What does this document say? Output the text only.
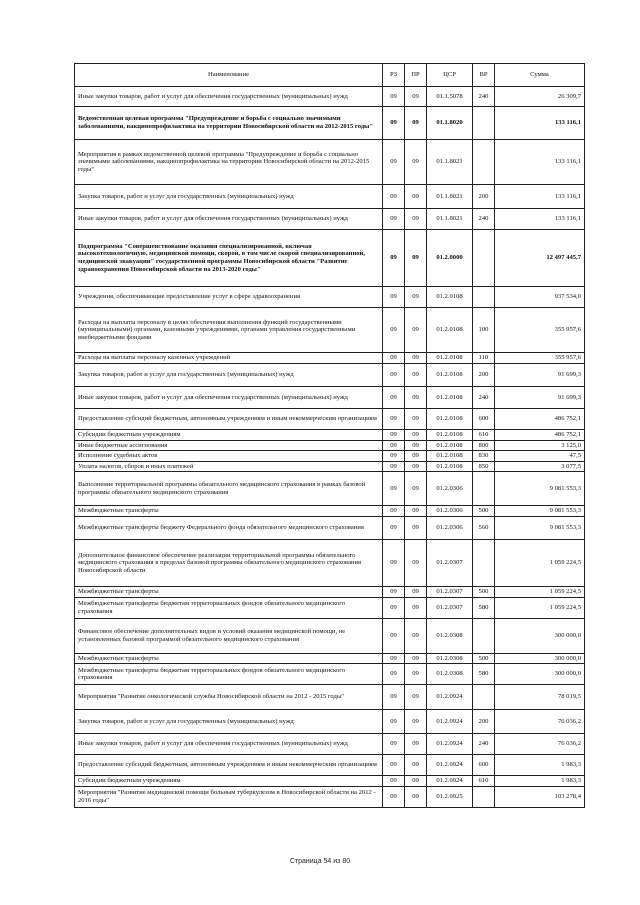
Наименование	РЗ	ПР	ЦСР	ВР	Сумма
Иные закупки товаров, работ и услуг для обеспечения государственных (муниципальных) нужд	09	09	01.1.5078	240	26 309,7
Ведомственная целевая программа "Предупреждение и борьба с социально значимыми заболеваниями, вакцинопрофилактика на территории Новосибирской области на 2012-2015 годы"	09	09	01.1.8020		133 116,1
Мероприятия в рамках ведомственной целевой программы "Предупреждение и борьба с социально значимыми заболеваниями, вакцинопрофилактика на территории Новосибирской области на 2012-2015 годы"	09	09	01.1.8021		133 116,1
Закупка товаров, работ и услуг для государственных (муниципальных) нужд	09	09	01.1.8021	200	133 116,1
Иные закупки товаров, работ и услуг для обеспечения государственных (муниципальных) нужд	09	09	01.1.8021	240	133 116,1
Подпрограмма "Совершенствование оказания специализированной, включая высокотехнологичную, медицинской помощи, скорой, в том числе скорой специализированной, медицинской эвакуации" государственной программы Новосибирской области "Развитие здравоохранения Новосибирской области на 2013-2020 годы"	09	09	01.2.0000		12 497 445,7
Учреждения, обеспечивающие предоставление услуг в сфере здравоохранения	09	09	01.2.0108		937 534,0
Расходы на выплаты персоналу в целях обеспечения выполнения функций государственными (муниципальными) органами, казенными учреждениями, органами управления государственными внебюджетными фондами	09	09	01.2.0108	100	355 957,6
Расходы на выплаты персоналу казенных учреждений	09	09	01.2.0108	110	355 957,6
Закупка товаров, работ и услуг для государственных (муниципальных) нужд	09	09	01.2.0108	200	91 699,3
Иные закупки товаров, работ и услуг для обеспечения государственных (муниципальных) нужд	09	09	01.2.0108	240	91 699,3
Предоставление субсидий бюджетным, автономным учреждениям и иным некоммерческим организациям	09	09	01.2.0108	600	486 752,1
Субсидии бюджетным учреждениям	09	09	01.2.0108	610	486 752,1
Иные бюджетные ассигнования	09	09	01.2.0108	800	3 125,0
Исполнение судебных актов	09	09	01.2.0108	830	47,5
Уплата налогов, сборов и иных платежей	09	09	01.2.0108	850	3 077,5
Выполнение территориальной программы обязательного медицинского страхования в рамках базовой программы обязательного медицинского страхования	09	09	01.2.0306		9 081 553,3
Межбюджетные трансферты	09	09	01.2.0306	500	9 081 553,3
Межбюджетные трансферты бюджету Федерального фонда обязательного медицинского страхования	09	09	01.2.0306	560	9 081 553,3
Дополнительное финансовое обеспечение реализации территориальной программы обязательного медицинского страхования в пределах базовой программы обязательного медицинского страхования Новосибирской области	09	09	01.2.0307		1 059 224,5
Межбюджетные трансферты	09	09	01.2.0307	500	1 059 224,5
Межбюджетные трансферты бюджетам территориальных фондов обязательного медицинского страхования	09	09	01.2.0307	580	1 059 224,5
Финансовое обеспечение дополнительных видов и условий оказания медицинской помощи, не установленных базовой программой обязательного медицинского страхования	09	09	01.2.0308		300 000,0
Межбюджетные трансферты	09	09	01.2.0308	500	300 000,0
Межбюджетные трансферты бюджетам территориальных фондов обязательного медицинского страхования	09	09	01.2.0308	580	300 000,0
Мероприятия "Развитие онкологической службы Новосибирской области на 2012 - 2015 годы"	09	09	01.2.0924		78 019,5
Закупка товаров, работ и услуг для государственных (муниципальных) нужд	09	09	01.2.0924	200	76 036,2
Иные закупки товаров, работ и услуг для обеспечения государственных (муниципальных) нужд	09	09	01.2.0924	240	76 036,2
Предоставление субсидий бюджетным, автономным учреждениям и иным некоммерческим организациям	09	09	01.2.0924	600	1 983,3
Субсидии бюджетным учреждениям	09	09	01.2.0924	610	1 983,3
Мероприятия "Развитие медицинской помощи больным туберкулезом в Новосибирской области на 2012 - 2016 годы"	09	09	01.2.0925		103 278,4
Страница 54 из 80
